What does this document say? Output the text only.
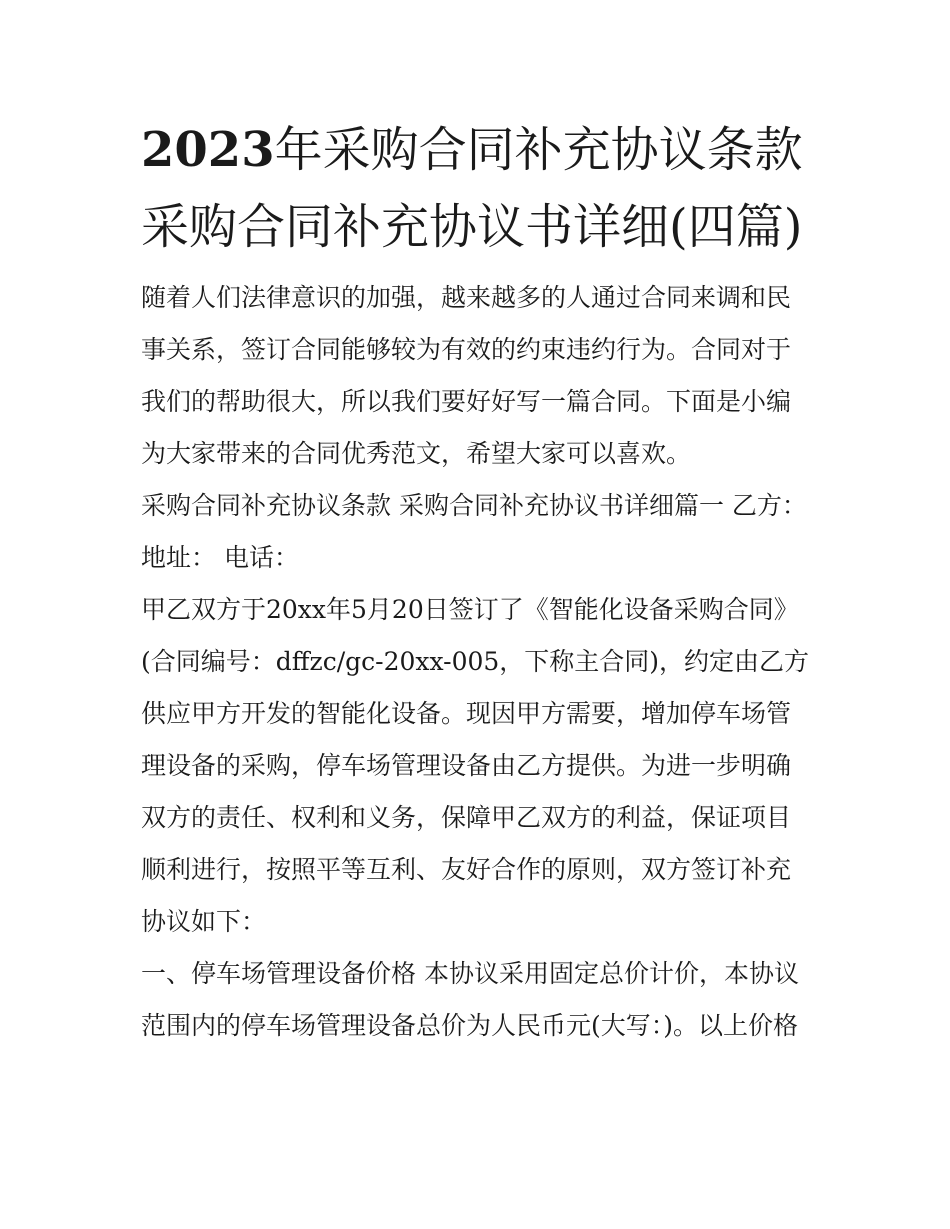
2023年采购合同补充协议条款采购合同补充协议书详细(四篇)

随着人们法律意识的加强，越来越多的人通过合同来调和民事关系，签订合同能够较为有效的约束违约行为。合同对于我们的帮助很大，所以我们要好好写一篇合同。下面是小编为大家带来的合同优秀范文，希望大家可以喜欢。

采购合同补充协议条款 采购合同补充协议书详细篇一 乙方：

地址： 电话：

甲乙双方于20xx年5月20日签订了《智能化设备采购合同》(合同编号：dffzc/gc-20xx-005，下称主合同)，约定由乙方供应甲方开发的智能化设备。现因甲方需要，增加停车场管理设备的采购，停车场管理设备由乙方提供。为进一步明确双方的责任、权利和义务，保障甲乙双方的利益，保证项目顺利进行，按照平等互利、友好合作的原则，双方签订补充协议如下：

一、停车场管理设备价格 本协议采用固定总价计价，本协议范围内的停车场管理设备总价为人民币元(大写：)。以上价格
